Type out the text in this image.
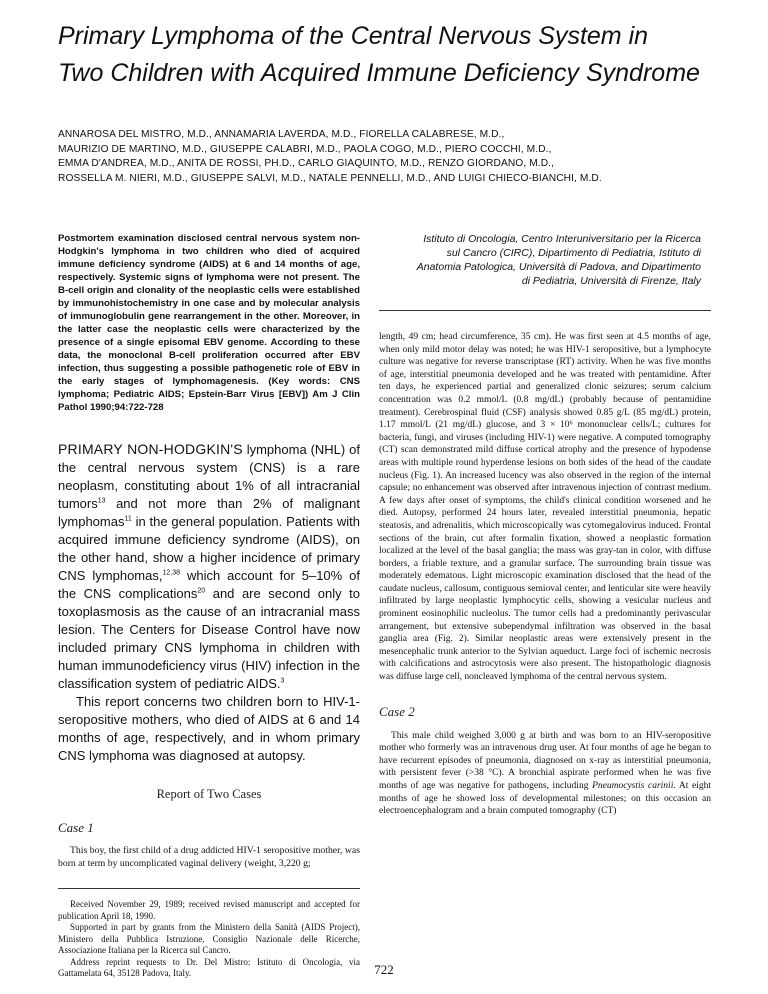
Primary Lymphoma of the Central Nervous System in
Two Children with Acquired Immune Deficiency Syndrome
ANNAROSA DEL MISTRO, M.D., ANNAMARIA LAVERDA, M.D., FIORELLA CALABRESE, M.D.,
MAURIZIO DE MARTINO, M.D., GIUSEPPE CALABRI, M.D., PAOLA COGO, M.D., PIERO COCCHI, M.D.,
EMMA D'ANDREA, M.D., ANITA DE ROSSI, PH.D., CARLO GIAQUINTO, M.D., RENZO GIORDANO, M.D.,
ROSSELLA M. NIERI, M.D., GIUSEPPE SALVI, M.D., NATALE PENNELLI, M.D., AND LUIGI CHIECO-BIANCHI, M.D.

Postmortem examination disclosed central nervous system non-Hodgkin's lymphoma in two children who died of acquired immune deficiency syndrome (AIDS) at 6 and 14 months of age, respectively. Systemic signs of lymphoma were not present. The B-cell origin and clonality of the neoplastic cells were established by immunohistochemistry in one case and by molecular analysis of immunoglobulin gene rearrangement in the other. Moreover, in the latter case the neoplastic cells were characterized by the presence of a single episomal EBV genome. According to these data, the monoclonal B-cell proliferation occurred after EBV infection, thus suggesting a possible pathogenetic role of EBV in the early stages of lymphomagenesis. (Key words: CNS lymphoma; Pediatric AIDS; Epstein-Barr Virus [EBV]) Am J Clin Pathol 1990;94:722-728

PRIMARY NON-HODGKIN'S lymphoma (NHL) of the central nervous system (CNS) is a rare neoplasm, constituting about 1% of all intracranial tumors$^{13}$ and not more than 2% of malignant lymphomas$^{11}$ in the general population. Patients with acquired immune deficiency syndrome (AIDS), on the other hand, show a higher incidence of primary CNS lymphomas,$^{12,38}$ which account for 5–10% of the CNS complications$^{20}$ and are second only to toxoplasmosis as the cause of an intracranial mass lesion. The Centers for Disease Control have now included primary CNS lymphoma in children with human immunodeficiency virus (HIV) infection in the classification system of pediatric AIDS.$^3$

This report concerns two children born to HIV-1-seropositive mothers, who died of AIDS at 6 and 14 months of age, respectively, and in whom primary CNS lymphoma was diagnosed at autopsy.

Report of Two Cases
Case 1

This boy, the first child of a drug addicted HIV-1 seropositive mother, was born at term by uncomplicated vaginal delivery (weight, 3,220 g;

Received November 29, 1989; received revised manuscript and accepted for publication April 18, 1990.

Supported in part by grants from the Ministero della Sanità (AIDS Project), Ministero della Pubblica Istruzione, Consiglio Nazionale delle Ricerche, Associazione Italiana per la Ricerca sul Cancro.

Address reprint requests to Dr. Del Mistro: Istituto di Oncologia, via Gattamelata 64, 35128 Padova, Italy.

Istituto di Oncologia, Centro Interuniversitario per la Ricerca
sul Cancro (CIRC), Dipartimento di Pediatria, Istituto di
Anatomia Patologica, Università di Padova, and Dipartimento
di Pediatria, Università di Firenze, Italy

length, 49 cm; head circumference, 35 cm). He was first seen at 4.5 months of age, when only mild motor delay was noted; he was HIV-1 seropositive, but a lymphocyte culture was negative for reverse transcriptase (RT) activity. When he was five months of age, interstitial pneumonia developed and he was treated with pentamidine. After ten days, he experienced partial and generalized clonic seizures; serum calcium concentration was 0.2 mmol/L (0.8 mg/dL) (probably because of pentamidine treatment). Cerebrospinal fluid (CSF) analysis showed 0.85 g/L (85 mg/dL) protein, 1.17 mmol/L (21 mg/dL) glucose, and 3 × 10⁶ mononuclear cells/L; cultures for bacteria, fungi, and viruses (including HIV-1) were negative. A computed tomography (CT) scan demonstrated mild diffuse cortical atrophy and the presence of hypodense areas with multiple round hyperdense lesions on both sides of the head of the caudate nucleus (Fig. 1). An increased lucency was also observed in the region of the internal capsule; no enhancement was observed after intravenous injection of contrast medium. A few days after onset of symptoms, the child's clinical condition worsened and he died. Autopsy, performed 24 hours later, revealed interstitial pneumonia, hepatic steatosis, and adrenalitis, which microscopically was cytomegalovirus induced. Frontal sections of the brain, cut after formalin fixation, showed a neoplastic formation localized at the level of the basal ganglia; the mass was gray-tan in color, with diffuse borders, a friable texture, and a granular surface. The surrounding brain tissue was moderately edematous. Light microscopic examination disclosed that the head of the caudate nucleus, callosum, contiguous semioval center, and lenticular site were heavily infiltrated by large neoplastic lymphocytic cells, showing a vesicular nucleus and prominent eosinophilic nucleolus. The tumor cells had a predominantly perivascular arrangement, but extensive subependymal infiltration was observed in the basal ganglia area (Fig. 2). Similar neoplastic areas were extensively present in the mesencephalic trunk anterior to the Sylvian aqueduct. Large foci of ischemic necrosis with calcifications and astrocytosis were also present. The histopathologic diagnosis was diffuse large cell, noncleaved lymphoma of the central nervous system.

Case 2

This male child weighed 3,000 g at birth and was born to an HIV-seropositive mother who formerly was an intravenous drug user. At four months of age he began to have recurrent episodes of pneumonia, diagnosed on x-ray as interstitial pneumonia, with persistent fever (>38 °C). A bronchial aspirate performed when he was five months of age was negative for pathogens, including Pneumocystis carinii. At eight months of age he showed loss of developmental milestones; on this occasion an electroencephalogram and a brain computed tomography (CT)

722
